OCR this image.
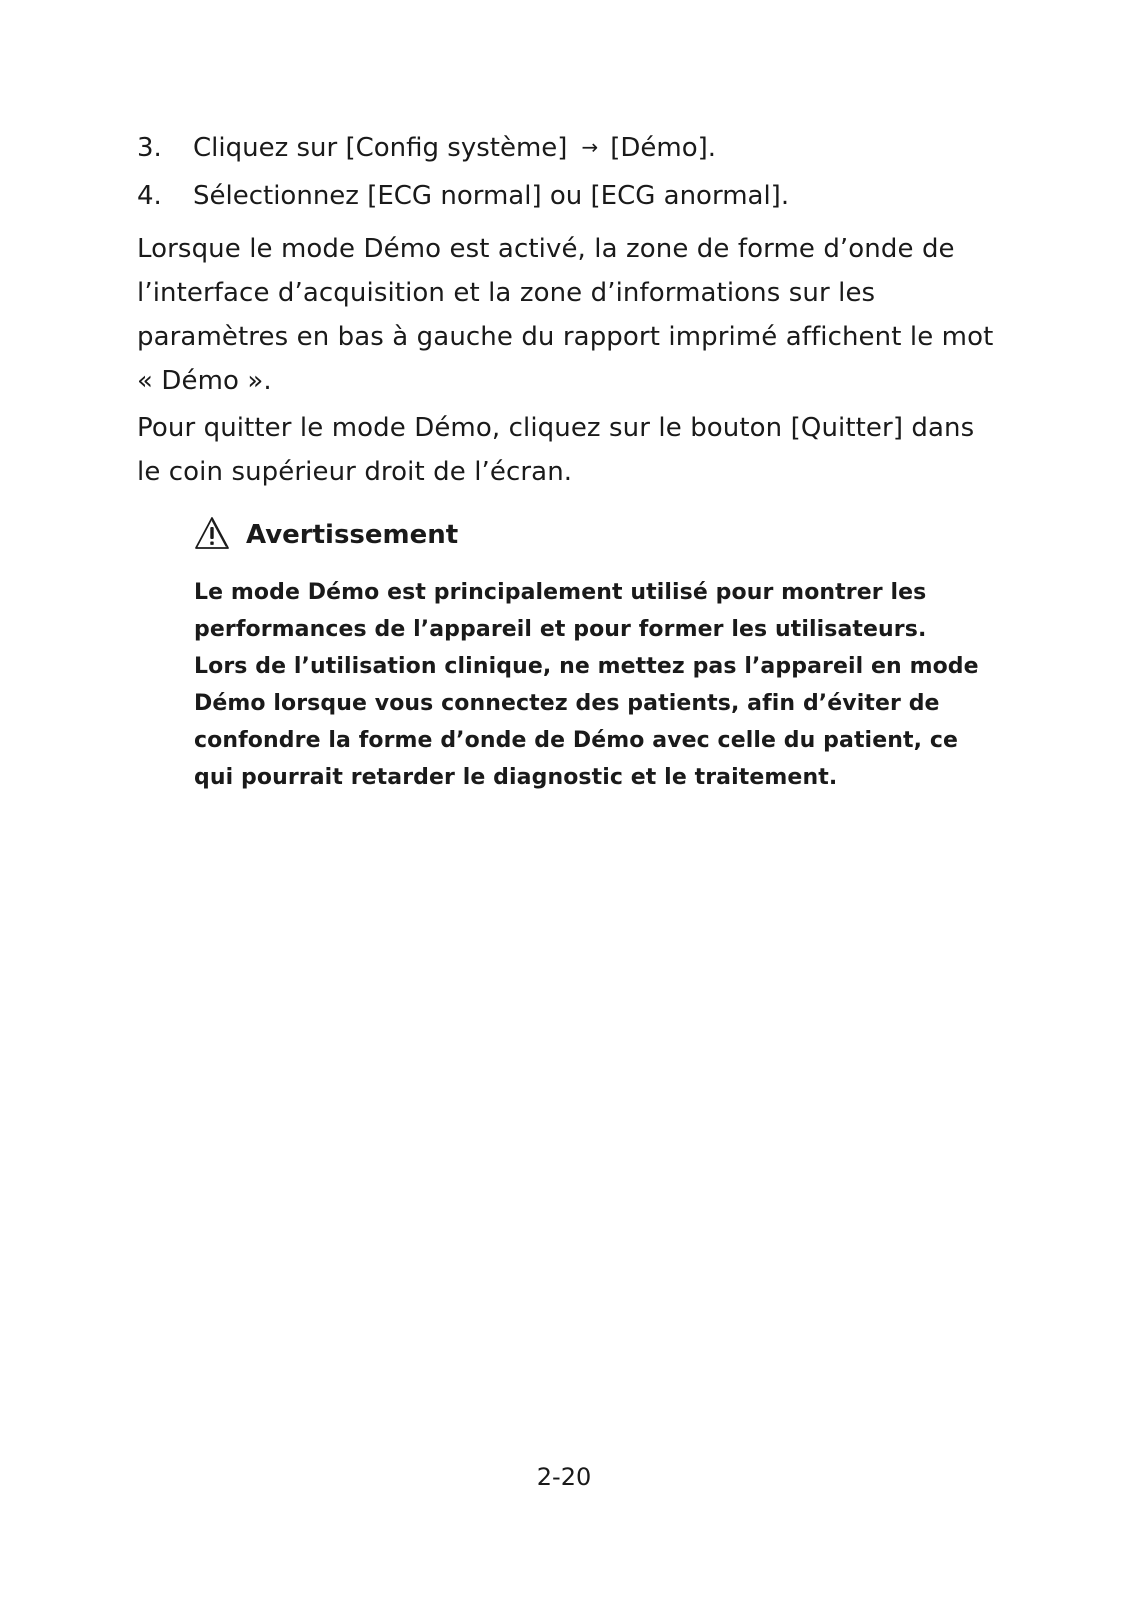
3. Cliquez sur [Config système] → [Démo].
4. Sélectionnez [ECG normal] ou [ECG anormal].

Lorsque le mode Démo est activé, la zone de forme d’onde de l’interface d’acquisition et la zone d’informations sur les paramètres en bas à gauche du rapport imprimé affichent le mot « Démo ».

Pour quitter le mode Démo, cliquez sur le bouton [Quitter] dans le coin supérieur droit de l’écran.

Avertissement
Le mode Démo est principalement utilisé pour montrer les performances de l’appareil et pour former les utilisateurs. Lors de l’utilisation clinique, ne mettez pas l’appareil en mode Démo lorsque vous connectez des patients, afin d’éviter de confondre la forme d’onde de Démo avec celle du patient, ce qui pourrait retarder le diagnostic et le traitement.
2-20
